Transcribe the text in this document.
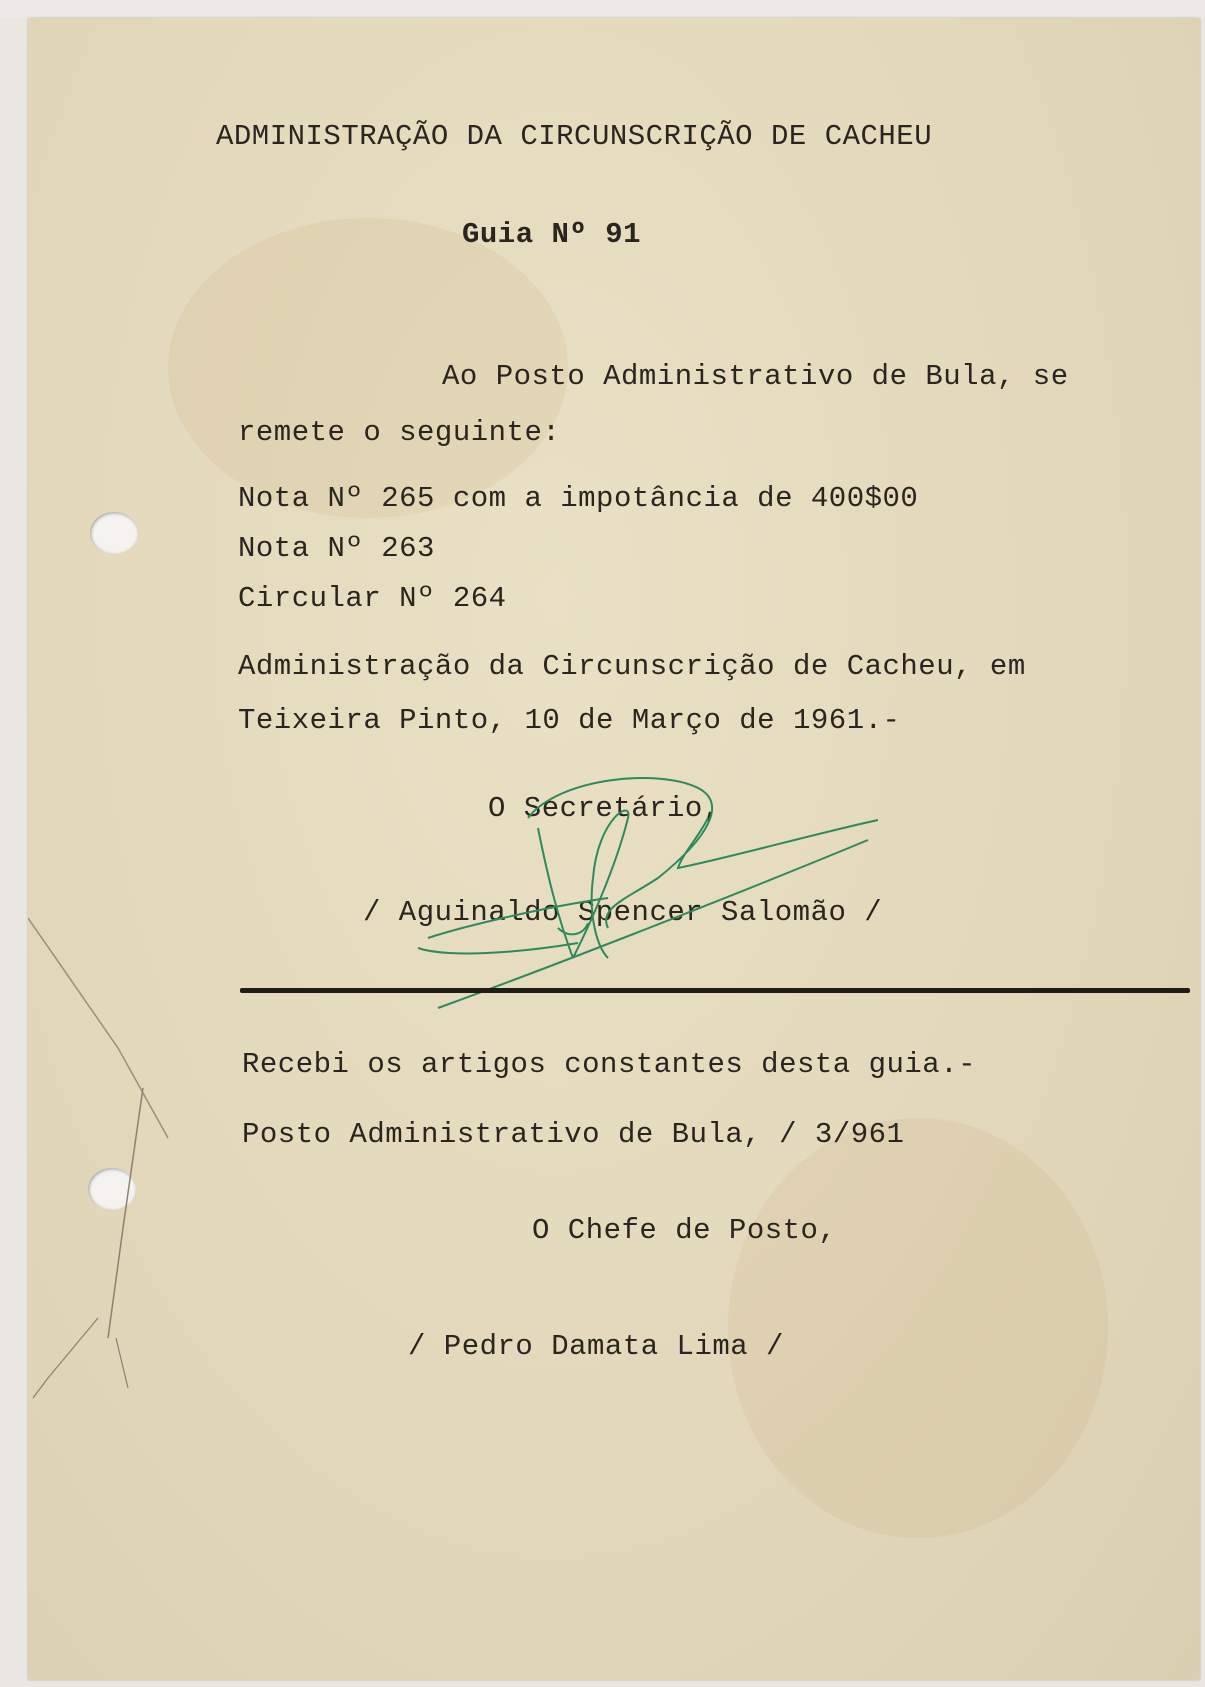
ADMINISTRAÇÃO DA CIRCUNSCRIÇÃO DE CACHEU
Guia Nº 91
Ao Posto Administrativo de Bula, se
remete o seguinte:
Nota Nº 265 com a impotância de 400$00
Nota Nº 263
Circular Nº 264
Administração da Circunscrição de Cacheu, em
Teixeira Pinto, 10 de Março de 1961.-
O Secretário,
/ Aguinaldo Spencer Salomão /
Recebi os artigos constantes desta guia.-
Posto Administrativo de Bula, / 3/961
O Chefe de Posto,
/ Pedro Damata Lima /
